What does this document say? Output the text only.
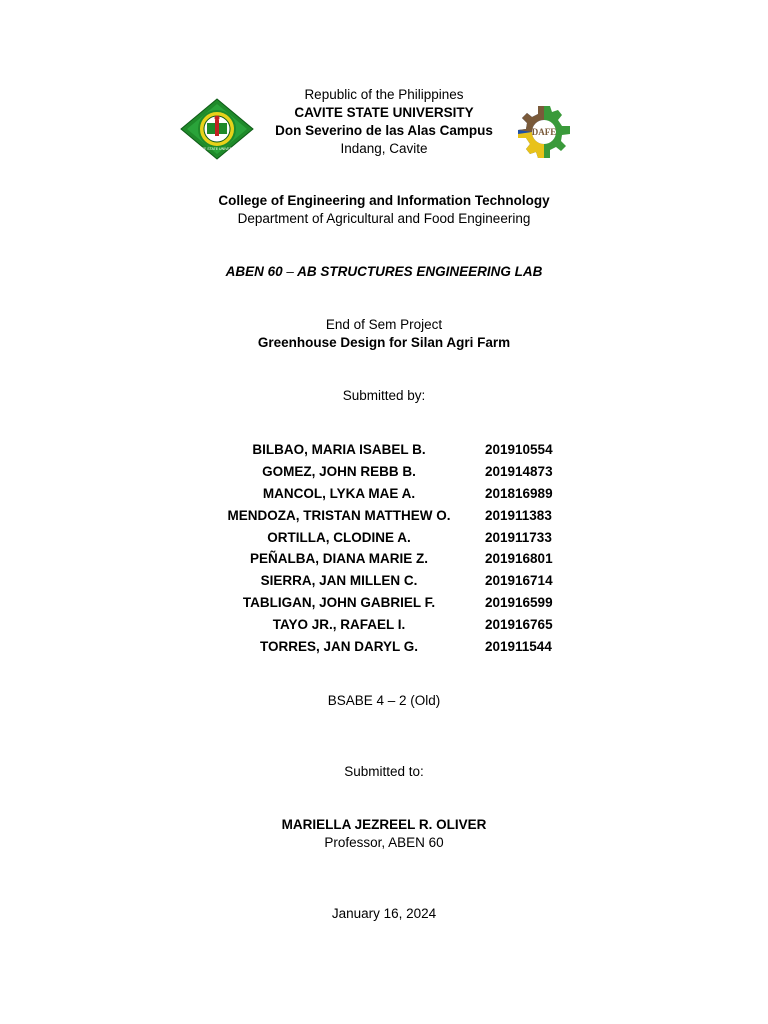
CAVITE STATE UNIVERSITY
DAFE
Republic of the Philippines
CAVITE STATE UNIVERSITY
Don Severino de las Alas Campus
Indang, Cavite
College of Engineering and Information Technology
Department of Agricultural and Food Engineering
ABEN 60 – AB STRUCTURES ENGINEERING LAB
End of Sem Project
Greenhouse Design for Silan Agri Farm
Submitted by:
BILBAO, MARIA ISABEL B.	201910554
GOMEZ, JOHN REBB B.	201914873
MANCOL, LYKA MAE A.	201816989
MENDOZA, TRISTAN MATTHEW O.	201911383
ORTILLA, CLODINE A.	201911733
PEÑALBA, DIANA MARIE Z.	201916801
SIERRA, JAN MILLEN C.	201916714
TABLIGAN, JOHN GABRIEL F.	201916599
TAYO JR., RAFAEL I.	201916765
TORRES, JAN DARYL G.	201911544
BSABE 4 – 2 (Old)
Submitted to:
MARIELLA JEZREEL R. OLIVER
Professor, ABEN 60
January 16, 2024
